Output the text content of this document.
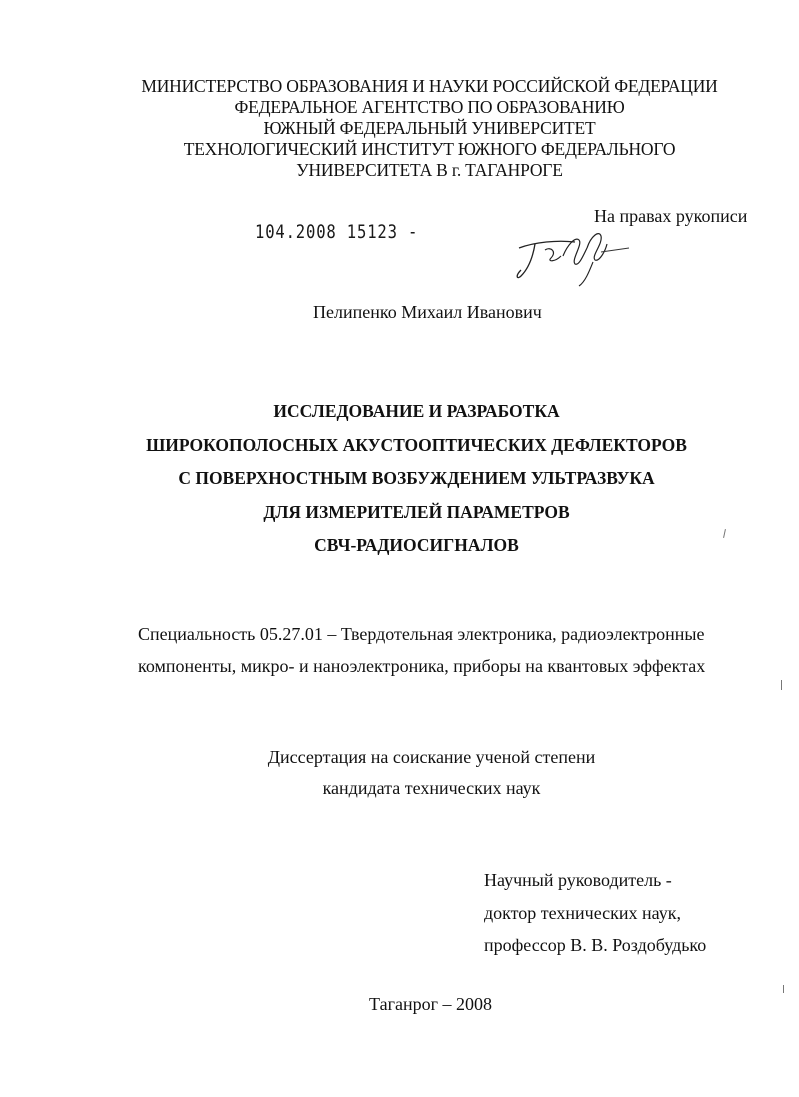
МИНИСТЕРСТВО ОБРАЗОВАНИЯ И НАУКИ РОССИЙСКОЙ ФЕДЕРАЦИИ
ФЕДЕРАЛЬНОЕ АГЕНТСТВО ПО ОБРАЗОВАНИЮ
ЮЖНЫЙ ФЕДЕРАЛЬНЫЙ УНИВЕРСИТЕТ
ТЕХНОЛОГИЧЕСКИЙ ИНСТИТУТ ЮЖНОГО ФЕДЕРАЛЬНОГО
УНИВЕРСИТЕТА В г. ТАГАНРОГЕ
На правах рукописи
104.2008 15123 -
Пелипенко Михаил Иванович
ИССЛЕДОВАНИЕ И РАЗРАБОТКА
ШИРОКОПОЛОСНЫХ АКУСТООПТИЧЕСКИХ ДЕФЛЕКТОРОВ
С ПОВЕРХНОСТНЫМ ВОЗБУЖДЕНИЕМ УЛЬТРАЗВУКА
ДЛЯ ИЗМЕРИТЕЛЕЙ ПАРАМЕТРОВ
СВЧ-РАДИОСИГНАЛОВ
Специальность 05.27.01 – Твердотельная электроника, радиоэлектронные
компоненты, микро- и наноэлектроника, приборы на квантовых эффектах
Диссертация на соискание ученой степени
кандидата технических наук
Научный руководитель -
доктор технических наук,
профессор В. В. Роздобудько
Таганрог – 2008
